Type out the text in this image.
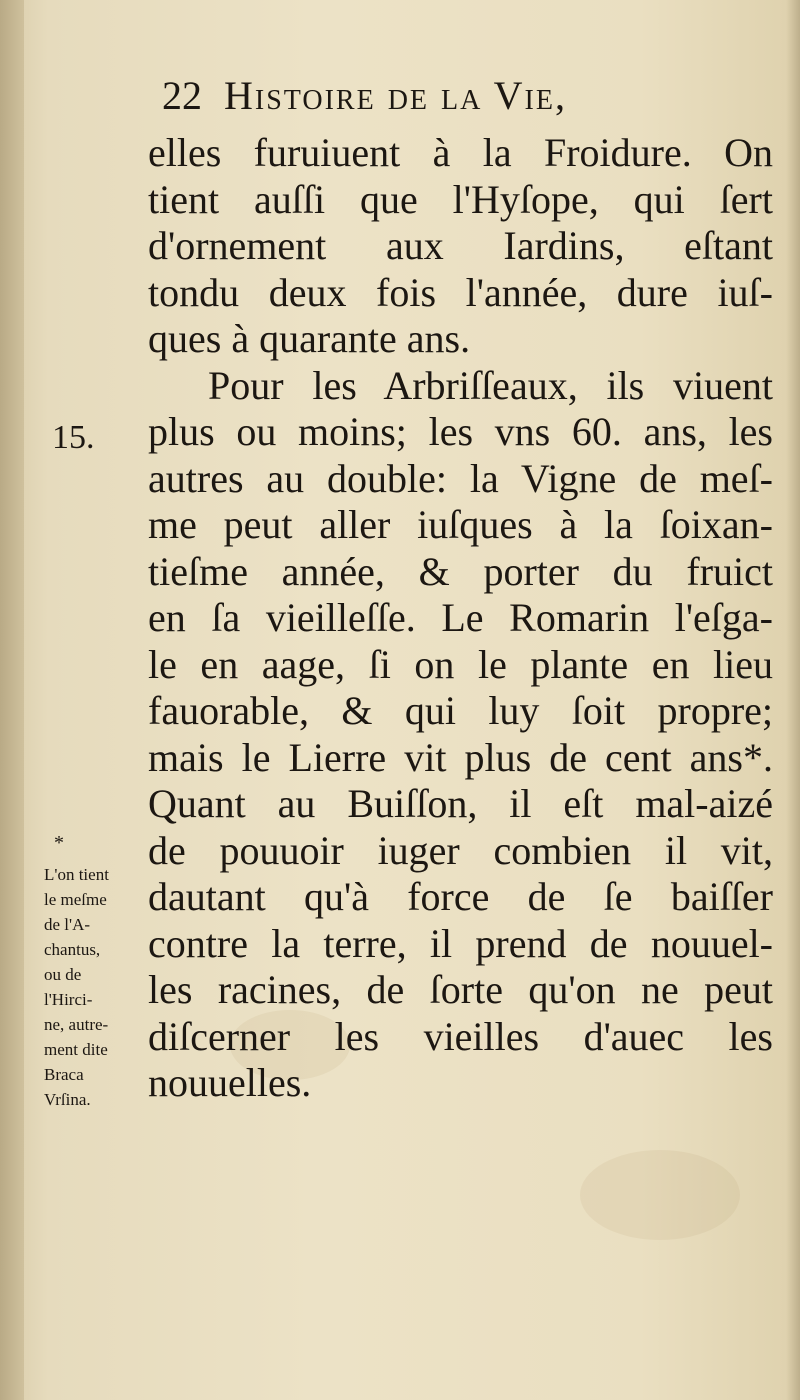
22 Histoire de la Vie,
15.
elles furuiuent à la Froidure. On
tient auſſi que l'Hyſope, qui ſert
d'ornement aux Iardins, eſtant
tondu deux fois l'année, dure iuſ-
ques à quarante ans.
Pour les Arbriſſeaux, ils viuent
plus ou moins; les vns 60. ans, les
autres au double: la Vigne de meſ-
me peut aller iuſques à la ſoixan-
tieſme année, & porter du fruict
en ſa vieilleſſe. Le Romarin l'eſga-
le en aage, ſi on le plante en lieu
fauorable, & qui luy ſoit propre;
mais le Lierre vit plus de cent ans*.
Quant au Buiſſon, il eſt mal-aizé
de pouuoir iuger combien il vit,
dautant qu'à force de ſe baiſſer
contre la terre, il prend de nouuel-
les racines, de ſorte qu'on ne peut
diſcerner les vieilles d'auec les
nouuelles.
*
L'on tient
le meſme
de l'A-
chantus,
ou de
l'Hirci-
ne, autre-
ment dite
Braca
Vrſina.
